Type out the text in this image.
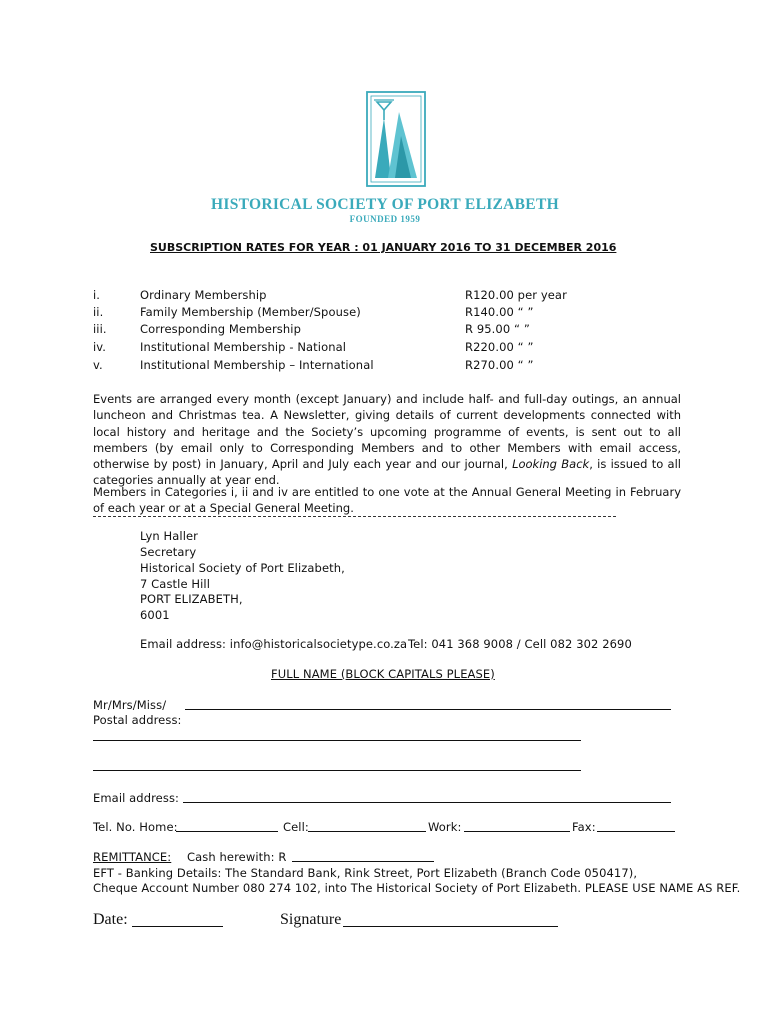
HISTORICAL SOCIETY OF PORT ELIZABETH
FOUNDED 1959
SUBSCRIPTION RATES FOR YEAR : 01 JANUARY 2016 TO 31 DECEMBER 2016
i.	Ordinary Membership	R120.00 per year
ii.	Family Membership (Member/Spouse)	R140.00 “ ”
iii.	Corresponding Membership	R 95.00 “ ”
iv.	Institutional Membership - National	R220.00 “ ”
v.	Institutional Membership – International	R270.00 “ ”
Events are arranged every month (except January) and include half- and full-day outings, an annual luncheon and Christmas tea. A Newsletter, giving details of current developments connected with local history and heritage and the Society’s upcoming programme of events, is sent out to all members (by email only to Corresponding Members and to other Members with email access, otherwise by post) in January, April and July each year and our journal, Looking Back, is issued to all categories annually at year end.
Members in Categories i, ii and iv are entitled to one vote at the Annual General Meeting in February of each year or at a Special General Meeting.
Lyn Haller
Secretary
Historical Society of Port Elizabeth,
7 Castle Hill
PORT ELIZABETH,
6001
Email address: info@historicalsocietype.co.za Tel: 041 368 9008 / Cell 082 302 2690
FULL NAME (BLOCK CAPITALS PLEASE)
Mr/Mrs/Miss/
Postal address:
Email address:
Tel. No. Home:	Cell:	Work:	Fax:
REMITTANCE: Cash herewith: R
EFT - Banking Details: The Standard Bank, Rink Street, Port Elizabeth (Branch Code 050417),
Cheque Account Number 080 274 102, into The Historical Society of Port Elizabeth. PLEASE USE NAME AS REF.
Date:	Signature
